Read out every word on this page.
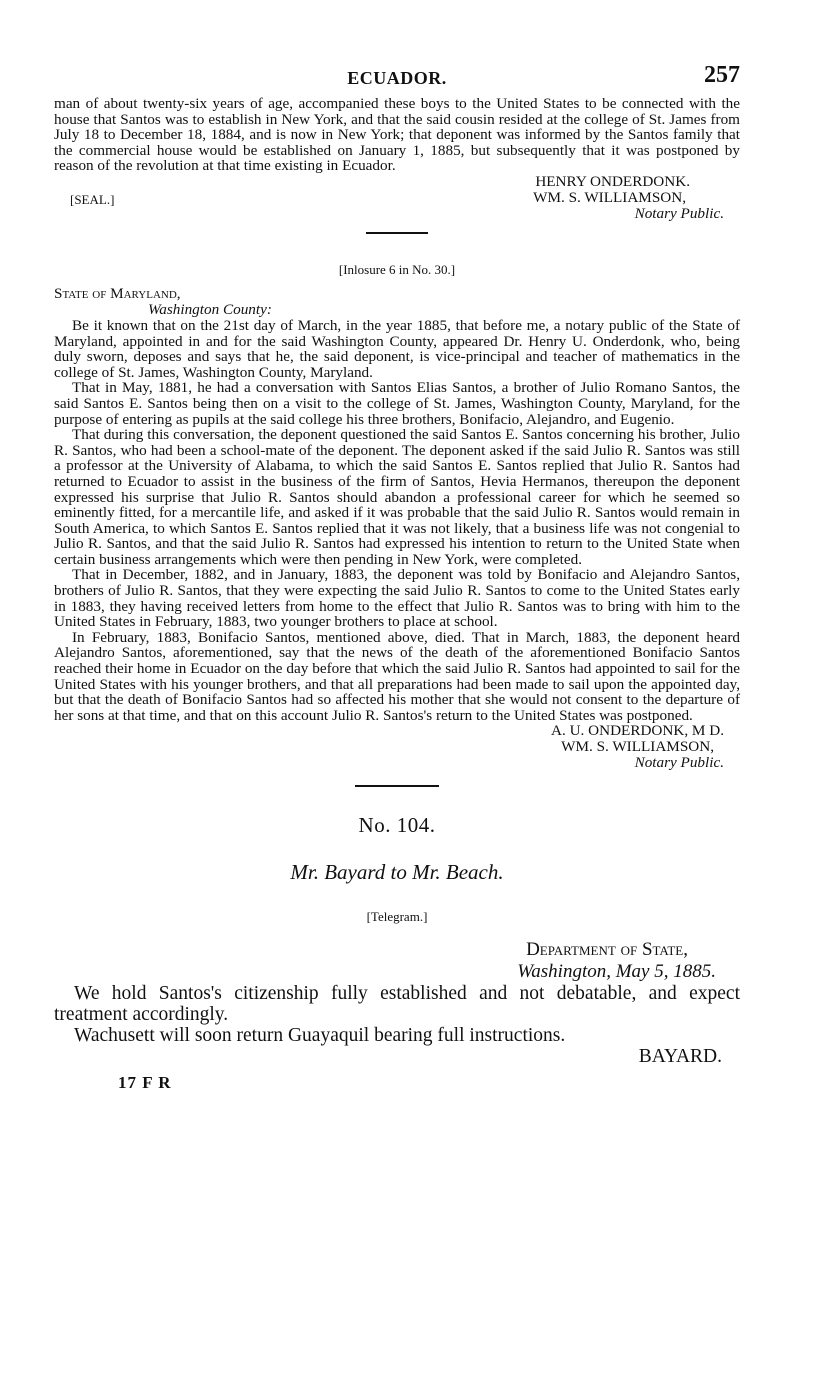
ECUADOR.	257

man of about twenty-six years of age, accompanied these boys to the United States to be connected with the house that Santos was to establish in New York, and that the said cousin resided at the college of St. James from July 18 to December 18, 1884, and is now in New York; that deponent was informed by the Santos family that the commercial house would be established on January 1, 1885, but subsequently that it was postponed by reason of the revolution at that time existing in Ecuador.

HENRY ONDERDONK.
[SEAL.]	WM. S. WILLIAMSON,
Notary Public.
[Inlosure 6 in No. 30.]
State of Maryland,
Washington County:

Be it known that on the 21st day of March, in the year 1885, that before me, a notary public of the State of Maryland, appointed in and for the said Washington County, appeared Dr. Henry U. Onderdonk, who, being duly sworn, deposes and says that he, the said deponent, is vice-principal and teacher of mathematics in the college of St. James, Washington County, Maryland.

That in May, 1881, he had a conversation with Santos Elias Santos, a brother of Julio Romano Santos, the said Santos E. Santos being then on a visit to the college of St. James, Washington County, Maryland, for the purpose of entering as pupils at the said college his three brothers, Bonifacio, Alejandro, and Eugenio.

That during this conversation, the deponent questioned the said Santos E. Santos concerning his brother, Julio R. Santos, who had been a school-mate of the deponent. The deponent asked if the said Julio R. Santos was still a professor at the University of Alabama, to which the said Santos E. Santos replied that Julio R. Santos had returned to Ecuador to assist in the business of the firm of Santos, Hevia Hermanos, thereupon the deponent expressed his surprise that Julio R. Santos should abandon a professional career for which he seemed so eminently fitted, for a mercantile life, and asked if it was probable that the said Julio R. Santos would remain in South America, to which Santos E. Santos replied that it was not likely, that a business life was not congenial to Julio R. Santos, and that the said Julio R. Santos had expressed his intention to return to the United State when certain business arrangements which were then pending in New York, were completed.

That in December, 1882, and in January, 1883, the deponent was told by Bonifacio and Alejandro Santos, brothers of Julio R. Santos, that they were expecting the said Julio R. Santos to come to the United States early in 1883, they having received letters from home to the effect that Julio R. Santos was to bring with him to the United States in February, 1883, two younger brothers to place at school.

In February, 1883, Bonifacio Santos, mentioned above, died. That in March, 1883, the deponent heard Alejandro Santos, aforementioned, say that the news of the death of the aforementioned Bonifacio Santos reached their home in Ecuador on the day before that which the said Julio R. Santos had appointed to sail for the United States with his younger brothers, and that all preparations had been made to sail upon the appointed day, but that the death of Bonifacio Santos had so affected his mother that she would not consent to the departure of her sons at that time, and that on this account Julio R. Santos's return to the United States was postponed.

A. U. ONDERDONK, M D.
WM. S. WILLIAMSON,
Notary Public.
No. 104.
Mr. Bayard to Mr. Beach.
[Telegram.]
Department of State,
Washington, May 5, 1885.

We hold Santos's citizenship fully established and not debatable, and expect treatment accordingly.

Wachusett will soon return Guayaquil bearing full instructions.

BAYARD.
17 F R
